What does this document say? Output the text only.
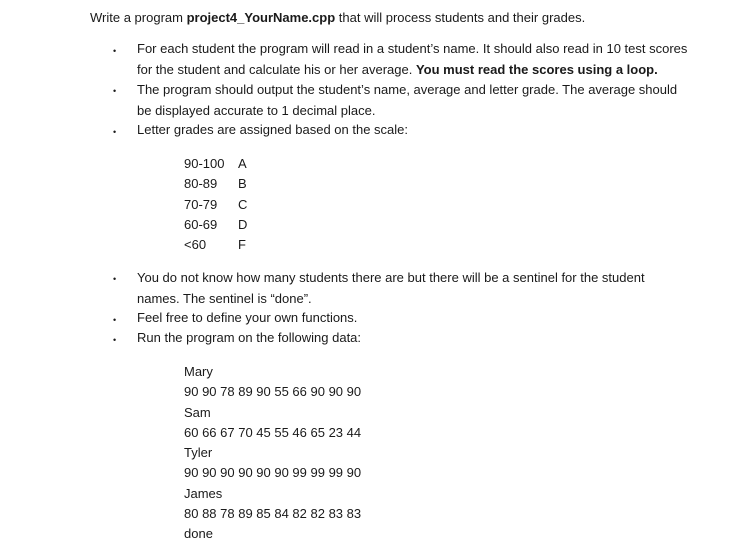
Write a program project4_YourName.cpp that will process students and their grades.
• For each student the program will read in a student’s name. It should also read in 10 test scores
for the student and calculate his or her average. You must read the scores using a loop.
• The program should output the student’s name, average and letter grade. The average should
be displayed accurate to 1 decimal place.
• Letter grades are assigned based on the scale:
90-100	A
80-89	B
70-79	C
60-69	D
<60	F
• You do not know how many students there are but there will be a sentinel for the student
names. The sentinel is “done”.
• Feel free to define your own functions.
• Run the program on the following data:
Mary
90 90 78 89 90 55 66 90 90 90
Sam
60 66 67 70 45 55 46 65 23 44
Tyler
90 90 90 90 90 90 99 99 99 90
James
80 88 78 89 85 84 82 82 83 83
done
